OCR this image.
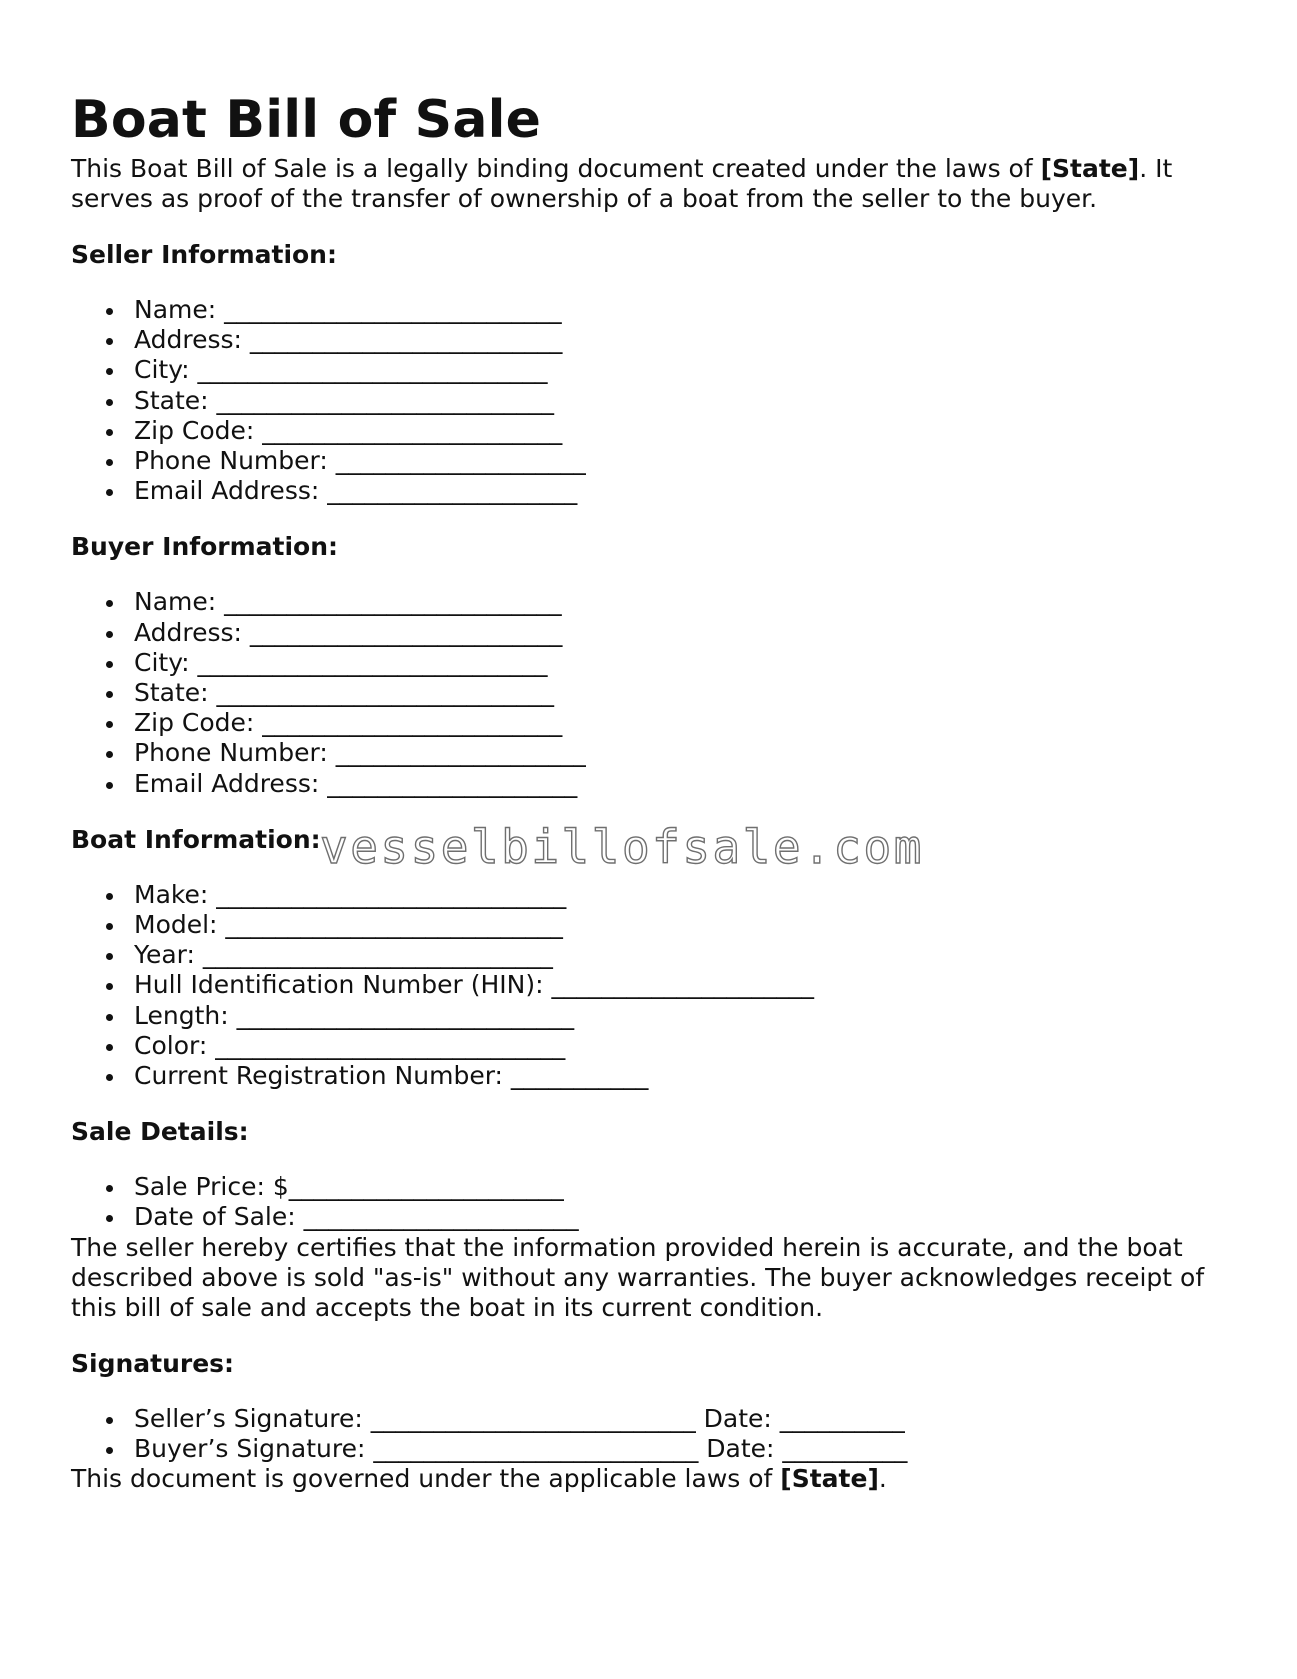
Boat Bill of Sale

This Boat Bill of Sale is a legally binding document created under the laws of [State]. It serves as proof of the transfer of ownership of a boat from the seller to the buyer.

Seller Information:
Name: ___________________________
Address: _________________________
City: ____________________________
State: ___________________________
Zip Code: ________________________
Phone Number: ____________________
Email Address: ____________________
Buyer Information:
Name: ___________________________
Address: _________________________
City: ____________________________
State: ___________________________
Zip Code: ________________________
Phone Number: ____________________
Email Address: ____________________
Boat Information:
Make: ____________________________
Model: ___________________________
Year: ____________________________
Hull Identification Number (HIN): _____________________
Length: ___________________________
Color: ____________________________
Current Registration Number: ___________
Sale Details:
Sale Price: $______________________
Date of Sale: ______________________

The seller hereby certifies that the information provided herein is accurate, and the boat described above is sold "as-is" without any warranties. The buyer acknowledges receipt of this bill of sale and accepts the boat in its current condition.

Signatures:
Seller’s Signature: __________________________ Date: __________
Buyer’s Signature: __________________________ Date: __________

This document is governed under the applicable laws of [State].

vesselbillofsale.com
